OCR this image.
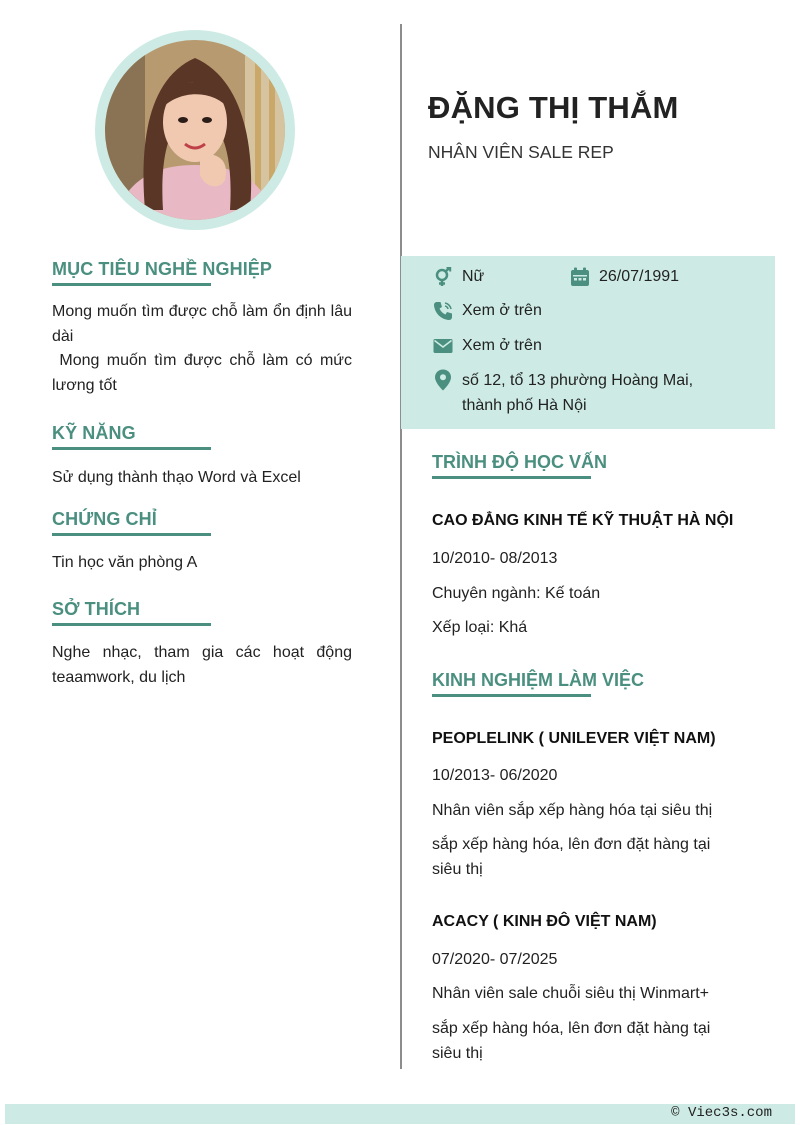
MỤC TIÊU NGHỀ NGHIỆP
Mong muốn tìm được chỗ làm ổn định lâu dài
Mong muốn tìm được chỗ làm có mức lương tốt
KỸ NĂNG
Sử dụng thành thạo Word và Excel
CHỨNG CHỈ
Tin học văn phòng A
SỞ THÍCH
Nghe nhạc, tham gia các hoạt động teaamwork, du lịch
ĐẶNG THỊ THẮM
NHÂN VIÊN SALE REP
Nữ	26/07/1991
Xem ở trên
Xem ở trên
số 12, tổ 13 phường Hoàng Mai, thành phố Hà Nội
TRÌNH ĐỘ HỌC VẤN
CAO ĐẲNG KINH TẾ KỸ THUẬT HÀ NỘI
10/2010- 08/2013
Chuyên ngành: Kế toán
Xếp loại: Khá
KINH NGHIỆM LÀM VIỆC
PEOPLELINK ( UNILEVER VIỆT NAM)
10/2013- 06/2020
Nhân viên sắp xếp hàng hóa tại siêu thị
sắp xếp hàng hóa, lên đơn đặt hàng tại siêu thị
ACACY ( KINH ĐÔ VIỆT NAM)
07/2020- 07/2025
Nhân viên sale chuỗi siêu thị Winmart+
sắp xếp hàng hóa, lên đơn đặt hàng tại siêu thị
© Viec3s.com
